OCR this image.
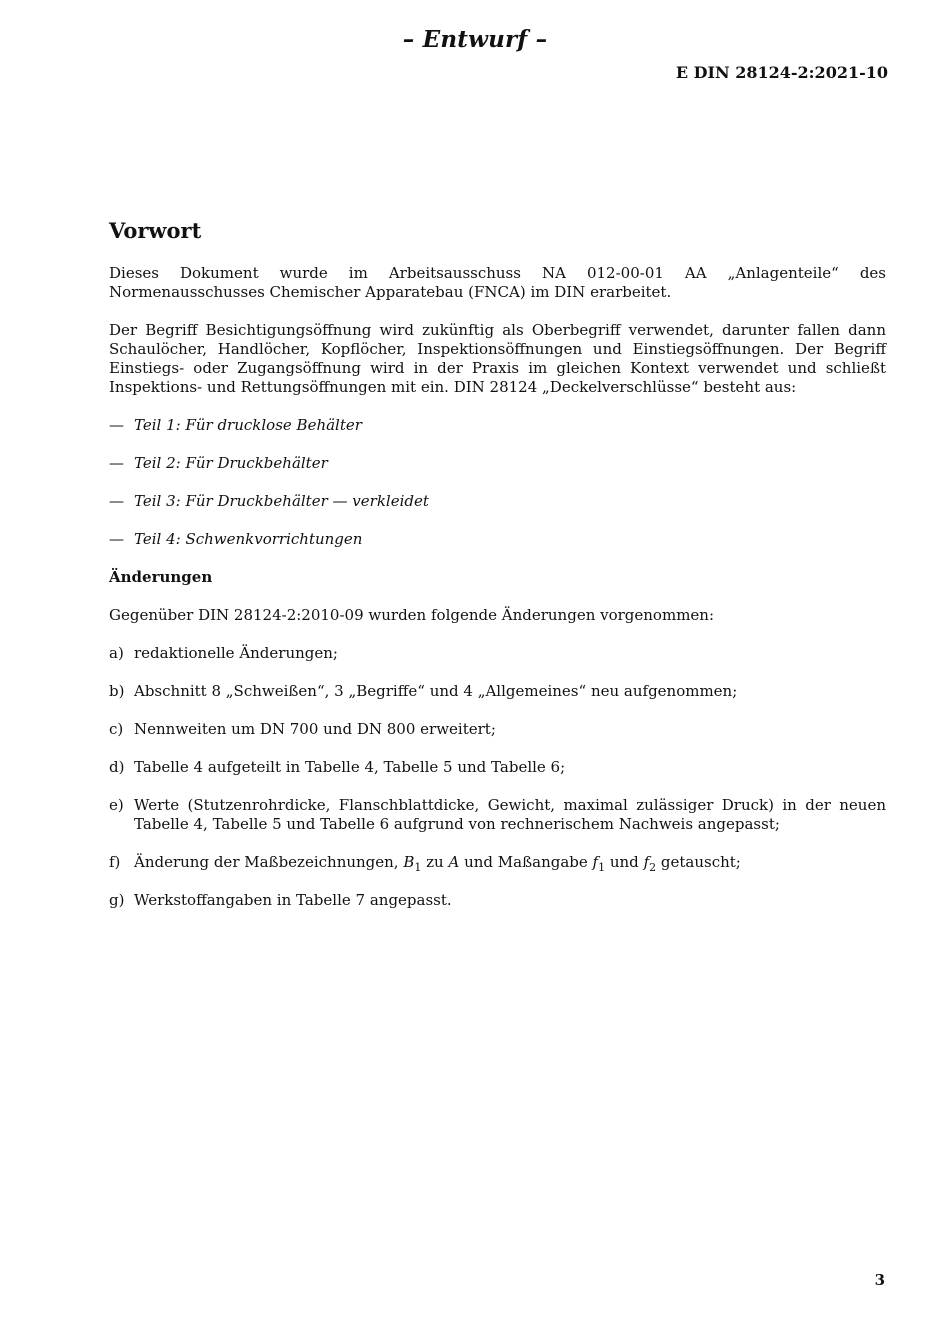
– Entwurf –
E DIN 28124-2:2021-10
Vorwort

Dieses Dokument wurde im Arbeitsausschuss NA 012-00-01 AA „Anlagenteile“ des Normenausschusses Chemischer Apparatebau (FNCA) im DIN erarbeitet.

Der Begriff Besichtigungsöffnung wird zukünftig als Oberbegriff verwendet, darunter fallen dann Schaulöcher, Handlöcher, Kopflöcher, Inspektionsöffnungen und Einstiegsöffnungen. Der Begriff Einstiegs- oder Zugangsöffnung wird in der Praxis im gleichen Kontext verwendet und schließt Inspektions- und Rettungsöffnungen mit ein. DIN 28124 „Deckelverschlüsse“ besteht aus:

— Teil 1: Für drucklose Behälter
— Teil 2: Für Druckbehälter
— Teil 3: Für Druckbehälter — verkleidet
— Teil 4: Schwenkvorrichtungen
Änderungen

Gegenüber DIN 28124-2:2010-09 wurden folgende Änderungen vorgenommen:

a) redaktionelle Änderungen;
b) Abschnitt 8 „Schweißen“, 3 „Begriffe“ und 4 „Allgemeines“ neu aufgenommen;
c) Nennweiten um DN 700 und DN 800 erweitert;
d) Tabelle 4 aufgeteilt in Tabelle 4, Tabelle 5 und Tabelle 6;
e) Werte (Stutzenrohrdicke, Flanschblattdicke, Gewicht, maximal zulässiger Druck) in der neuen Tabelle 4, Tabelle 5 und Tabelle 6 aufgrund von rechnerischem Nachweis angepasst;
f) Änderung der Maßbezeichnungen, $B_1$ zu A und Maßangabe $f_1$ und $f_2$ getauscht;
g) Werkstoffangaben in Tabelle 7 angepasst.
3
